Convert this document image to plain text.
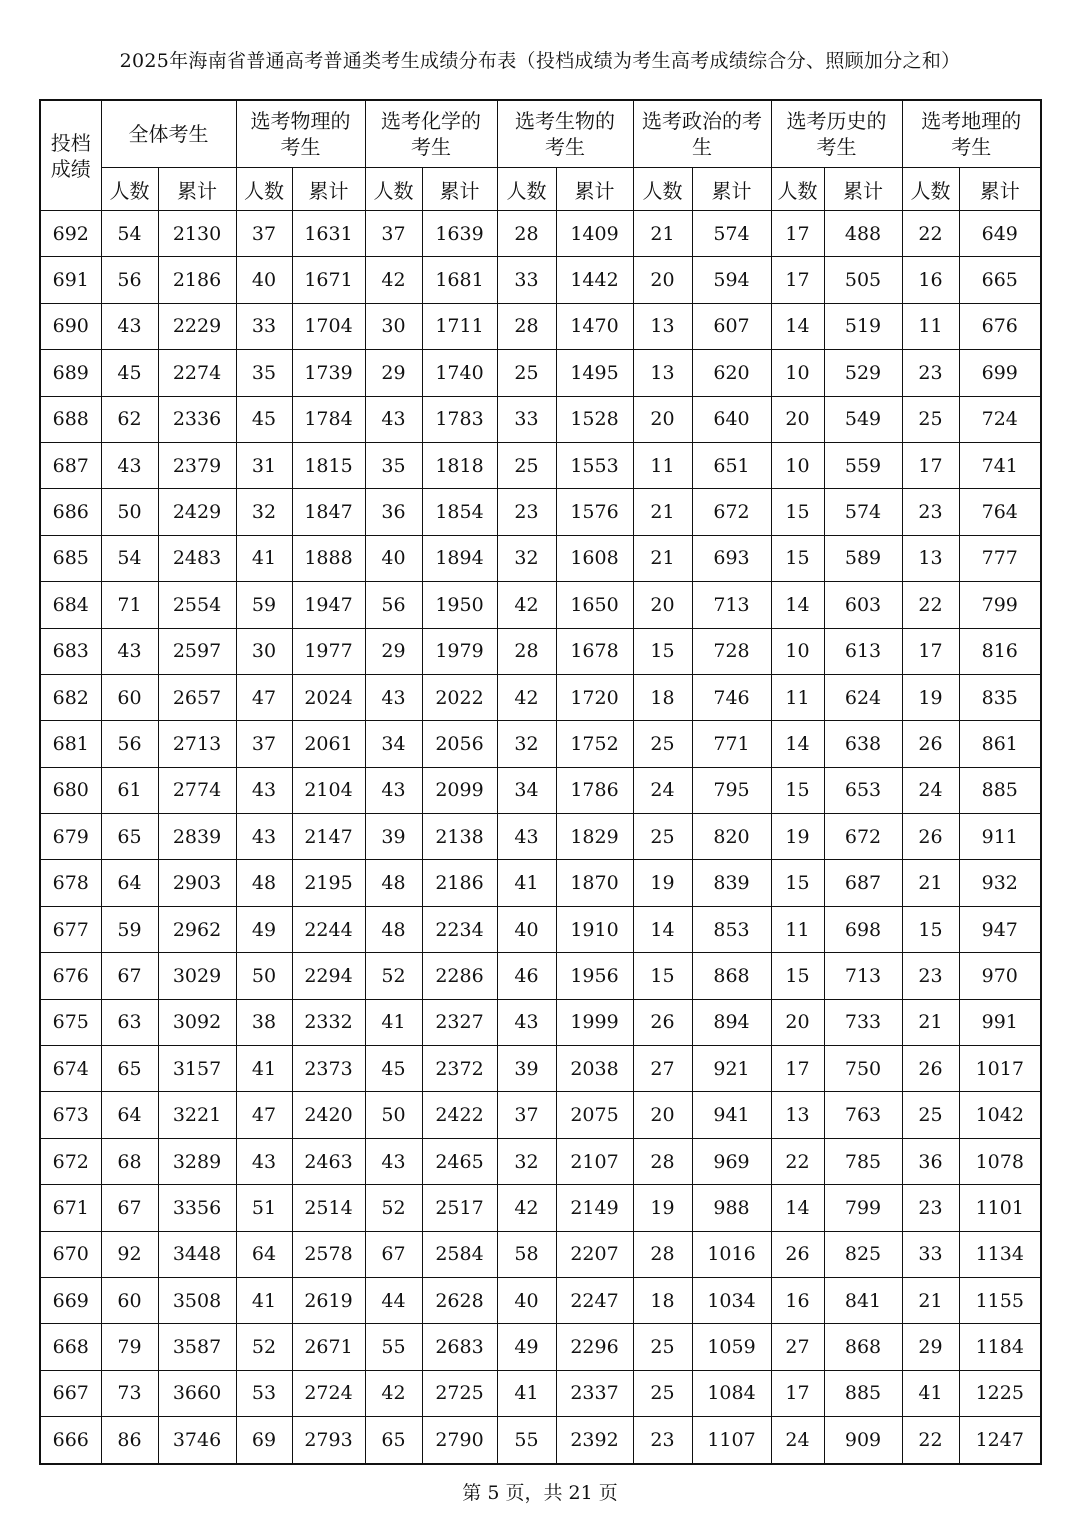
2025年海南省普通高考普通类考生成绩分布表（投档成绩为考生高考成绩综合分、照顾加分之和）
投档成绩	全体考生		选考物理的考生		选考化学的考生		选考生物的考生		选考政治的考生		选考历史的考生		选考地理的考生	
	人数	累计	人数	累计	人数	累计	人数	累计	人数	累计	人数	累计	人数	累计
692	54	2130	37	1631	37	1639	28	1409	21	574	17	488	22	649
691	56	2186	40	1671	42	1681	33	1442	20	594	17	505	16	665
690	43	2229	33	1704	30	1711	28	1470	13	607	14	519	11	676
689	45	2274	35	1739	29	1740	25	1495	13	620	10	529	23	699
688	62	2336	45	1784	43	1783	33	1528	20	640	20	549	25	724
687	43	2379	31	1815	35	1818	25	1553	11	651	10	559	17	741
686	50	2429	32	1847	36	1854	23	1576	21	672	15	574	23	764
685	54	2483	41	1888	40	1894	32	1608	21	693	15	589	13	777
684	71	2554	59	1947	56	1950	42	1650	20	713	14	603	22	799
683	43	2597	30	1977	29	1979	28	1678	15	728	10	613	17	816
682	60	2657	47	2024	43	2022	42	1720	18	746	11	624	19	835
681	56	2713	37	2061	34	2056	32	1752	25	771	14	638	26	861
680	61	2774	43	2104	43	2099	34	1786	24	795	15	653	24	885
679	65	2839	43	2147	39	2138	43	1829	25	820	19	672	26	911
678	64	2903	48	2195	48	2186	41	1870	19	839	15	687	21	932
677	59	2962	49	2244	48	2234	40	1910	14	853	11	698	15	947
676	67	3029	50	2294	52	2286	46	1956	15	868	15	713	23	970
675	63	3092	38	2332	41	2327	43	1999	26	894	20	733	21	991
674	65	3157	41	2373	45	2372	39	2038	27	921	17	750	26	1017
673	64	3221	47	2420	50	2422	37	2075	20	941	13	763	25	1042
672	68	3289	43	2463	43	2465	32	2107	28	969	22	785	36	1078
671	67	3356	51	2514	52	2517	42	2149	19	988	14	799	23	1101
670	92	3448	64	2578	67	2584	58	2207	28	1016	26	825	33	1134
669	60	3508	41	2619	44	2628	40	2247	18	1034	16	841	21	1155
668	79	3587	52	2671	55	2683	49	2296	25	1059	27	868	29	1184
667	73	3660	53	2724	42	2725	41	2337	25	1084	17	885	41	1225
666	86	3746	69	2793	65	2790	55	2392	23	1107	24	909	22	1247
第 5 页，共 21 页
